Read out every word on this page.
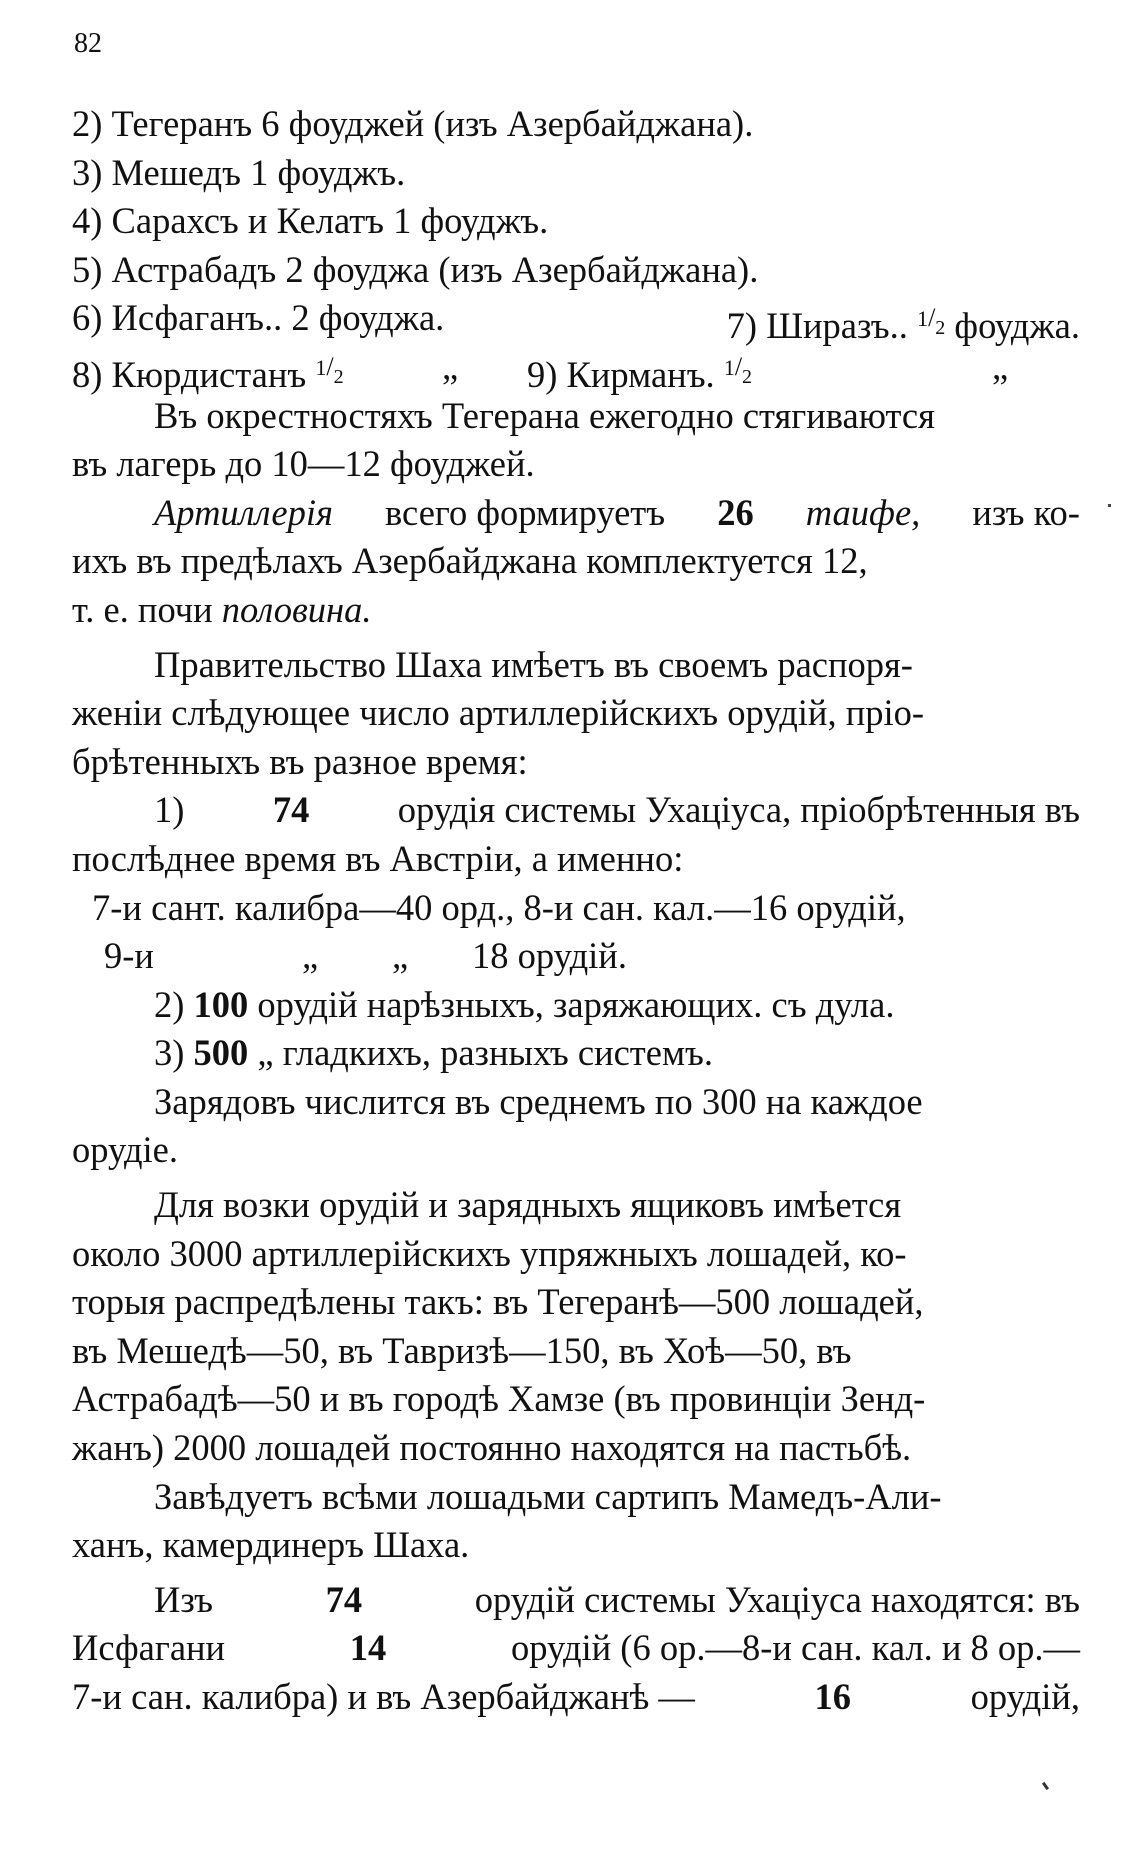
82
2) Тегеранъ 6 фоуджей (изъ Азербайджана).
3) Мешедъ 1 фоуджъ.
4) Сарахсъ и Келатъ 1 фоуджъ.
5) Астрабадъ 2 фоуджа (изъ Азербайджана).
6) Исфаганъ.. 2 фоуджа.	7) Ширазъ.. $1/_2$ фоуджа.
8) Кюрдистанъ $1/_2$	„ 9) Кирманъ. $1/_2$	„
Въ окрестностяхъ Тегерана ежегодно стягиваются
въ лагерь до 10—12 фоуджей.
Артиллерія всего формируетъ 26 таифе, изъ ко-
ихъ въ предѣлахъ Азербайджана комплектуется 12,
т. е. почи половина.
Правительство Шаха имѣетъ въ своемъ распоря-
женіи слѣдующее число артиллерійскихъ орудій, пріо-
брѣтенныхъ въ разное время:
1) 74 орудія системы Ухаціуса, пріобрѣтенныя въ
послѣднее время въ Австріи, а именно:
7-и сант. калибра—40 орд., 8-и сан. кал.—16 орудій,
9-и	„ „ 18 орудій.
2) 100 орудій нарѣзныхъ, заряжающих. съ дула.
3) 500 „ гладкихъ, разныхъ системъ.
Зарядовъ числится въ среднемъ по 300 на каждое
орудіе.
Для возки орудій и зарядныхъ ящиковъ имѣется
около 3000 артиллерійскихъ упряжныхъ лошадей, ко-
торыя распредѣлены такъ: въ Тегеранѣ—500 лошадей,
въ Мешедѣ—50, въ Тавризѣ—150, въ Хоѣ—50, въ
Астрабадѣ—50 и въ городѣ Хамзе (въ провинціи Зенд-
жанъ) 2000 лошадей постоянно находятся на пастьбѣ.
Завѣдуетъ всѣми лошадьми сартипъ Мамедъ-Али-
ханъ, камердинеръ Шаха.
Изъ	74	орудій системы Ухаціуса находятся: въ
Исфагани	14	орудій (6 ор.—8-и сан. кал. и 8 ор.—
7-и сан. калибра) и въ Азербайджанѣ —	16	орудій,
